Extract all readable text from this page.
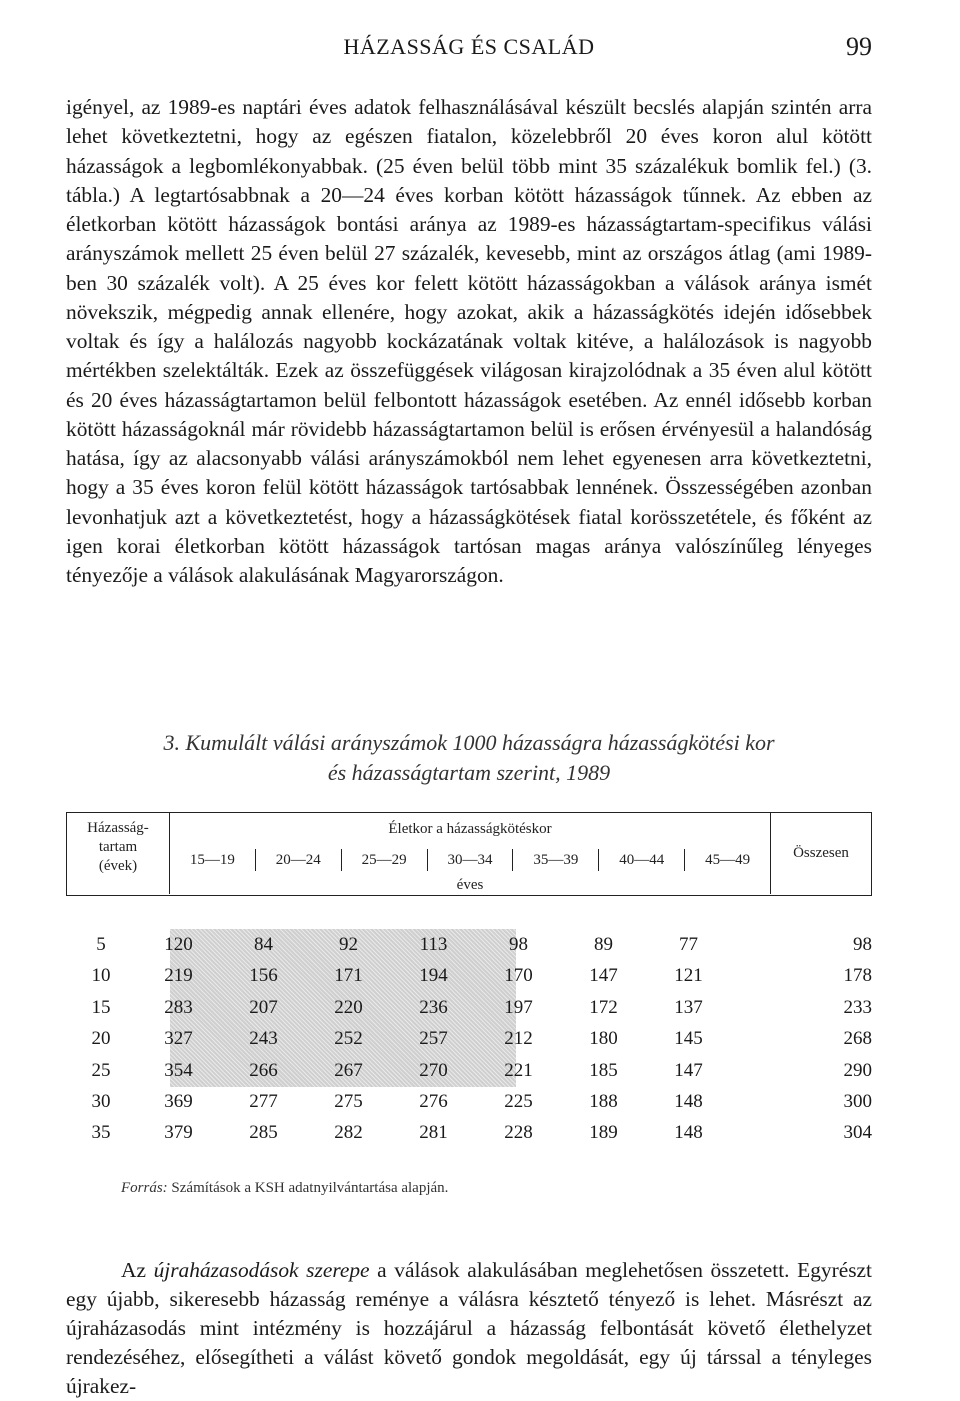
HÁZASSÁG ÉS CSALÁD	99

igényel, az 1989-es naptári éves adatok felhasználásával készült becslés alapján szintén arra lehet következtetni, hogy az egészen fiatalon, közelebbről 20 éves koron alul kötött házasságok a legbomlékonyabbak. (25 éven belül több mint 35 százalékuk bomlik fel.) (3. tábla.) A legtartósabbnak a 20—24 éves korban kötött házasságok tűnnek. Az ebben az életkorban kötött házasságok bontási aránya az 1989-es házasságtartam-specifikus válási arányszámok mellett 25 éven belül 27 százalék, kevesebb, mint az országos átlag (ami 1989-ben 30 százalék volt). A 25 éves kor felett kötött házasságokban a válások aránya ismét növekszik, mégpedig annak ellenére, hogy azokat, akik a házasságkötés idején idősebbek voltak és így a halálozás nagyobb kockázatának voltak kitéve, a halálozások is nagyobb mértékben szelektálták. Ezek az összefüggések világosan kirajzolódnak a 35 éven alul kötött és 20 éves házasságtartamon belül felbontott házasságok esetében. Az ennél idősebb korban kötött házasságoknál már rövidebb házasságtartamon belül is erősen érvényesül a halandóság hatása, így az alacsonyabb válási arányszámokból nem lehet egyenesen arra következtetni, hogy a 35 éves koron felül kötött házasságok tartósabbak lennének. Összességében azonban levonhatjuk azt a következtetést, hogy a házasságkötések fiatal korösszetétele, és főként az igen korai életkorban kötött házasságok tartósan magas aránya valószínűleg lényeges tényezője a válások alakulásának Magyarországon.

3. Kumulált válási arányszámok 1000 házasságra házasságkötési kor
és házasságtartam szerint, 1989
Házasság-
tartam
(évek)
Életkor a házasságkötéskor
15—19	20—24	25—29	30—34	35—39	40—44	45—49
éves
Összesen
5	120	84	92	113	98	89	77	98
10	219	156	171	194	170	147	121	178
15	283	207	220	236	197	172	137	233
20	327	243	252	257	212	180	145	268
25	354	266	267	270	221	185	147	290
30	369	277	275	276	225	188	148	300
35	379	285	282	281	228	189	148	304
Forrás: Számítások a KSH adatnyilvántartása alapján.

Az újraházasodások szerepe a válások alakulásában meglehetősen összetett. Egyrészt egy újabb, sikeresebb házasság reménye a válásra késztető tényező is lehet. Másrészt az újraházasodás mint intézmény is hozzájárul a házasság felbontását követő élethelyzet rendezéséhez, elősegítheti a válást követő gondok megoldását, egy új társsal a tényleges újrakez-
